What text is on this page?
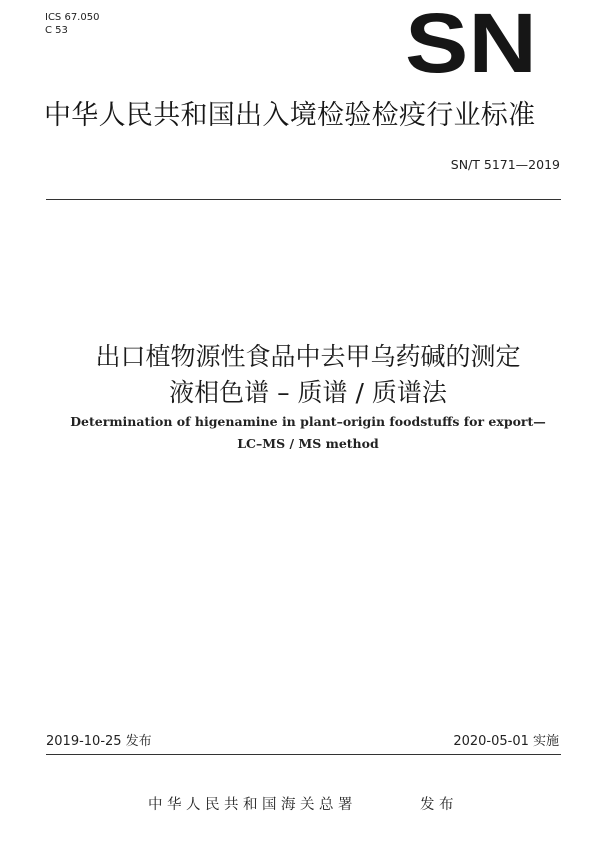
ICS 67.050
C 53	SN
中华人民共和国出入境检验检疫行业标准
SN/T 5171—2019
出口植物源性食品中去甲乌药碱的测定
液相色谱 – 质谱 / 质谱法
Determination of higenamine in plant–origin foodstuffs for export—
LC–MS / MS method
2019-10-25 发布	2020-05-01 实施
中华人民共和国海关总署	发布
